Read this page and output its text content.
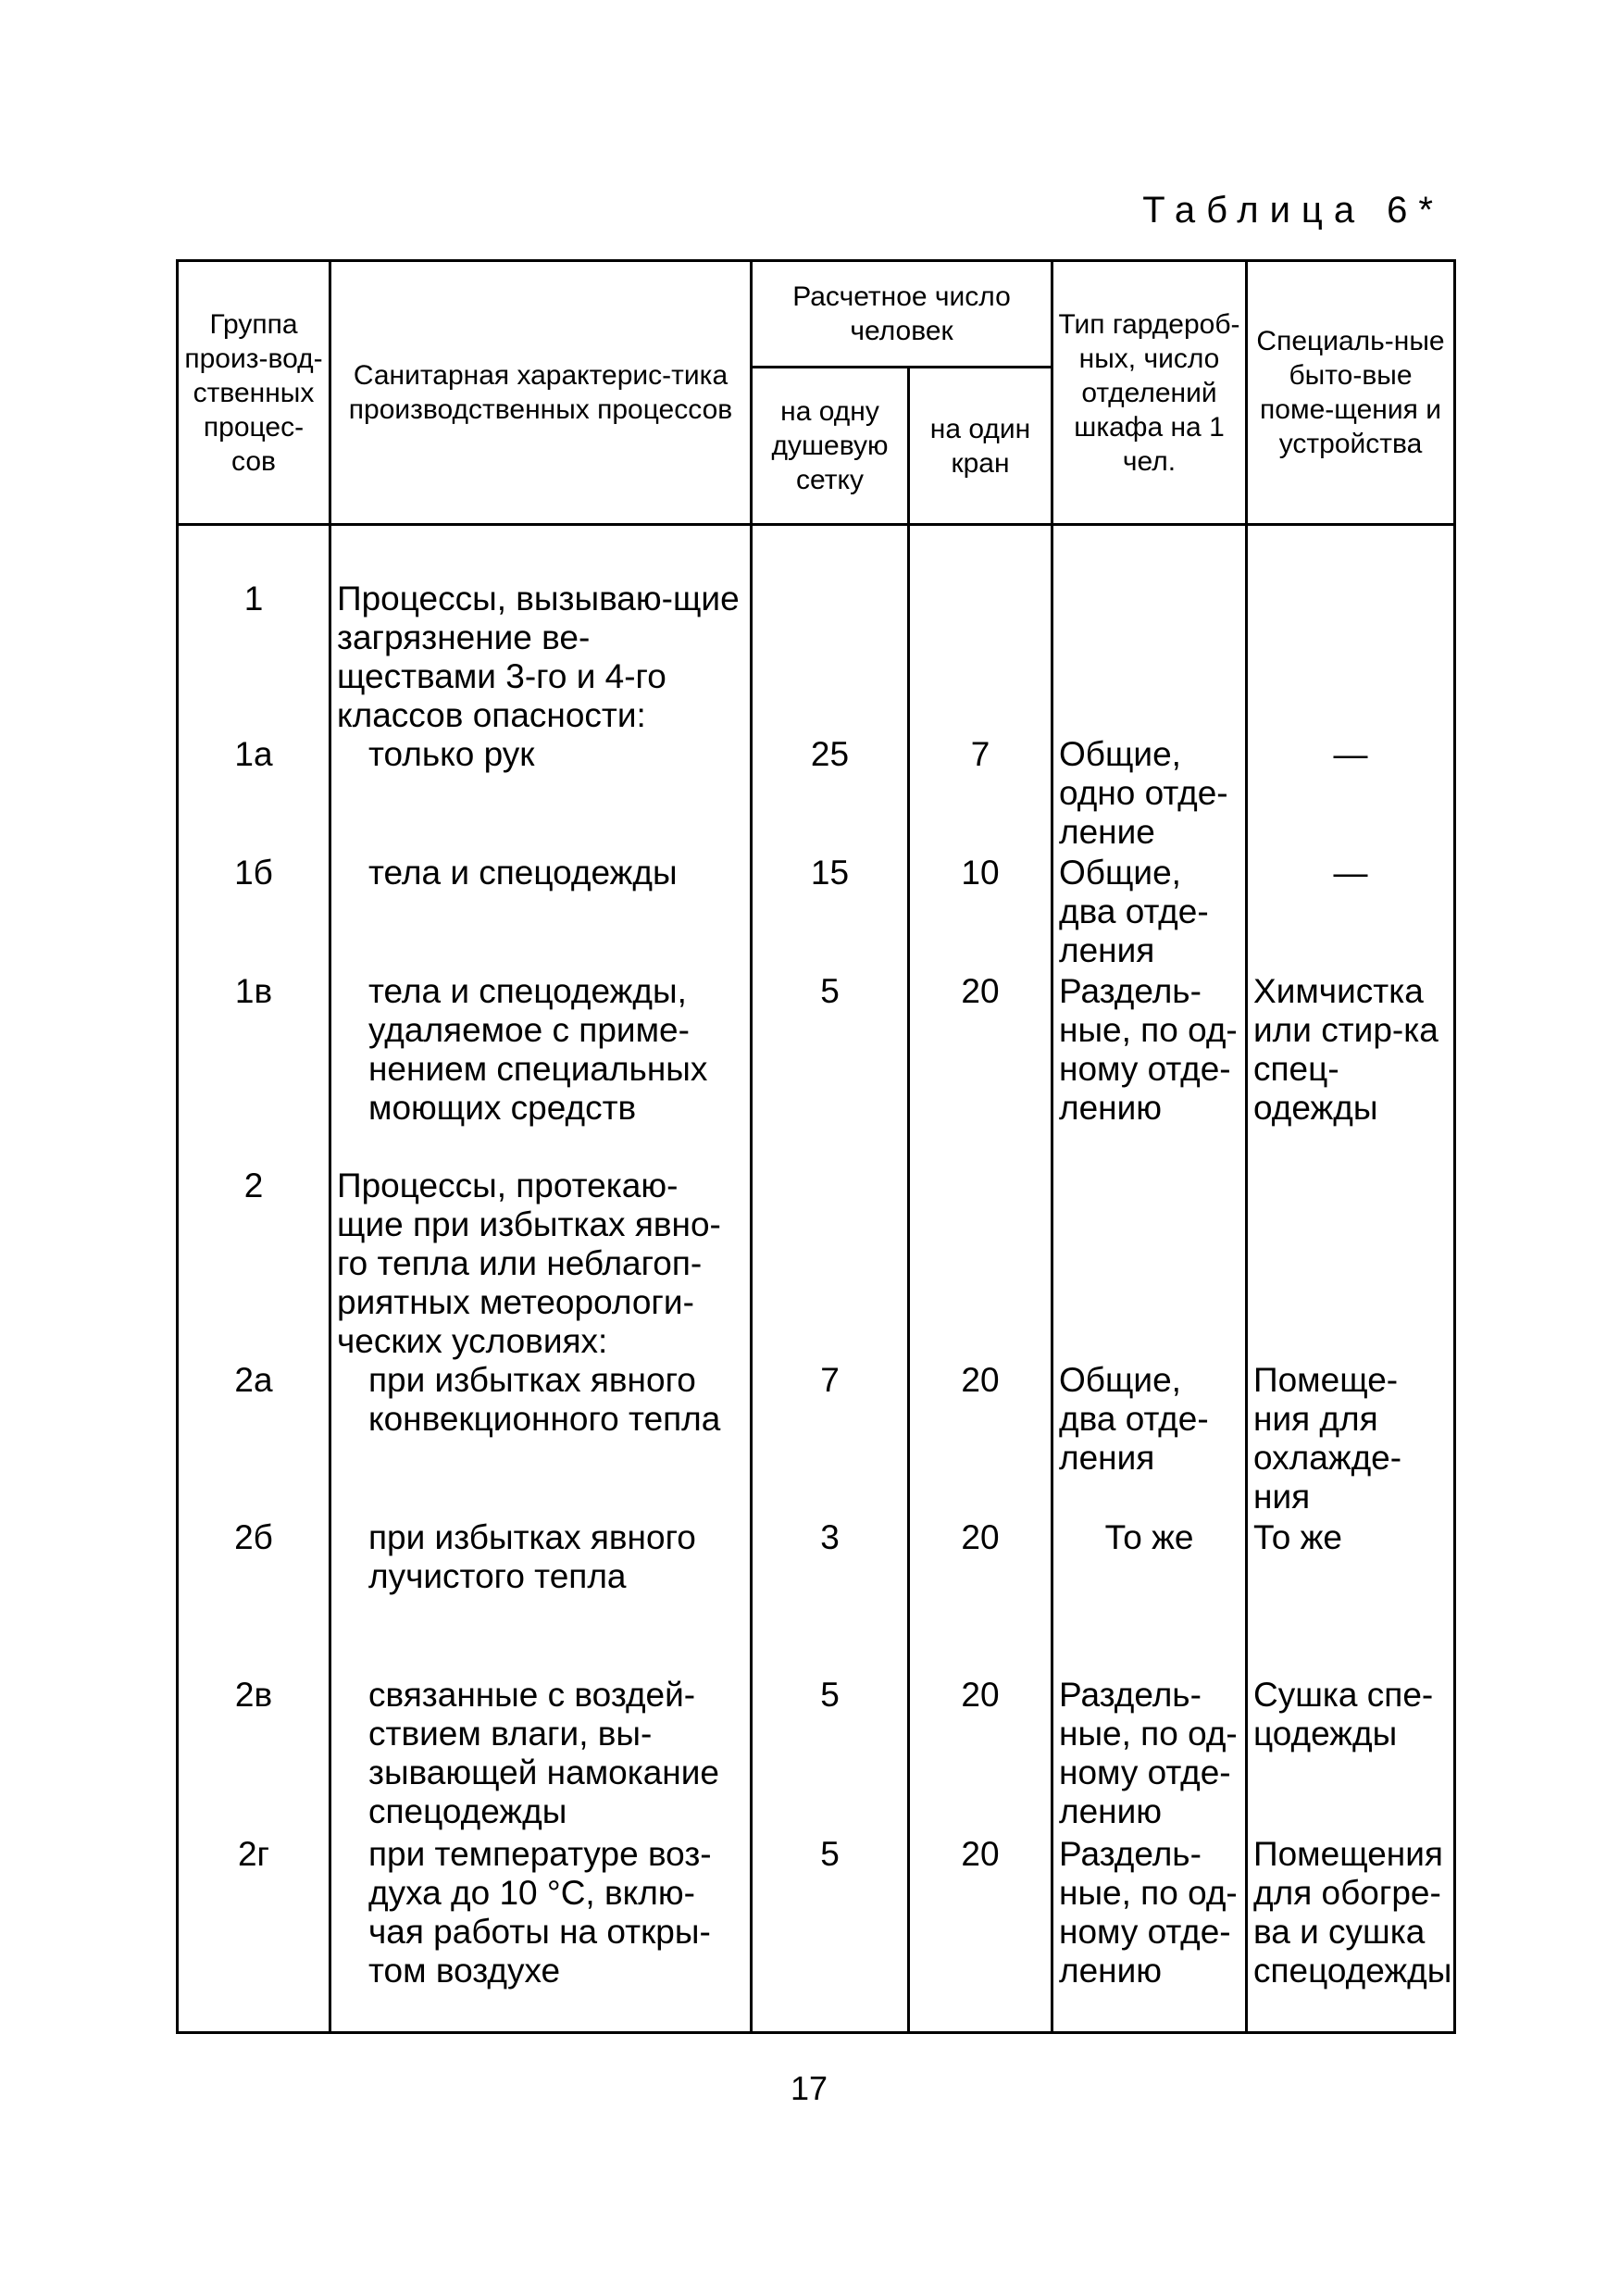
Таблица 6*
Группа произ-вод-ственных процес-сов	Санитарная характерис-тика производственных процессов	Расчетное число человек		Тип гардероб-ных, число отделений шкафа на 1 чел.	Специаль-ные быто-вые поме-щения и устройства
		на одну душевую сетку	на один кран		

1	Процессы, вызываю-щие загрязнение ве-ществами 3-го и 4-го классов опасности:				
1а	только рук	25	7	Общие, одно отде-ление	—
1б	тела и спецодежды	15	10	Общие, два отде-ления	—
1в	тела и спецодежды, удаляемое с приме-нением специальных моющих средств	5	20	Раздель-ные, по од-ному отде-лению	Химчистка или стир-ка спец-одежды
2	Процессы, протекаю-щие при избытках явно-го тепла или неблагоп-риятных метеорологи-ческих условиях:				
2а	при избытках явного конвекционного тепла	7	20	Общие, два отде-ления	Помеще-ния для охлажде-ния
2б	при избытках явного лучистого тепла	3	20	То же	То же
2в	связанные с воздей-ствием влаги, вы-зывающей намокание спецодежды	5	20	Раздель-ные, по од-ному отде-лению	Сушка спе-цодежды
2г	при температуре воз-духа до 10 °С, вклю-чая работы на откры-том воздухе	5	20	Раздель-ные, по од-ному отде-лению	Помещения для обогре-ва и сушка спецодежды

17
